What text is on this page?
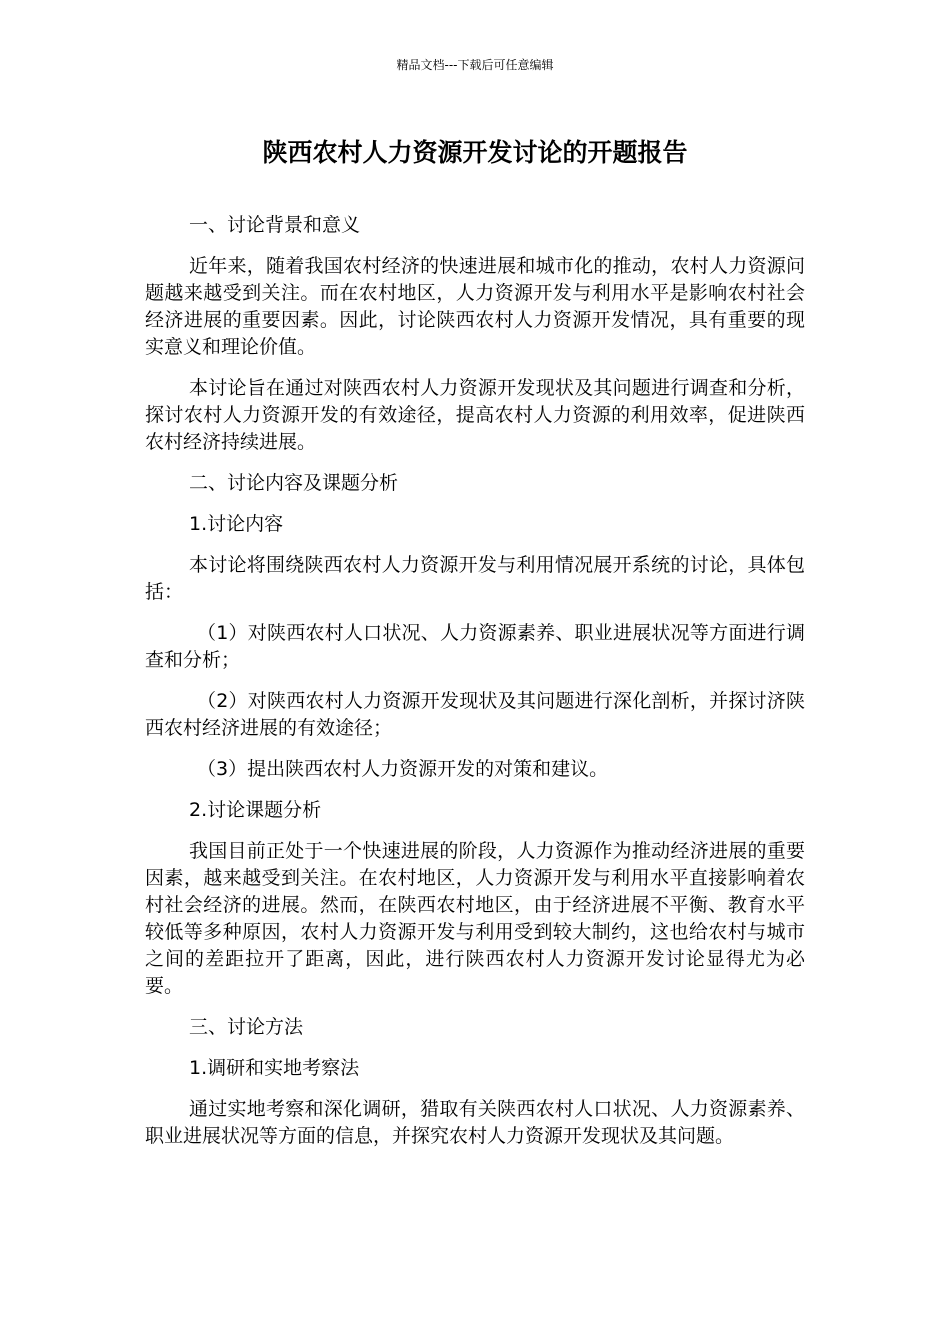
精品文档---下载后可任意编辑
陕西农村人力资源开发讨论的开题报告

一、讨论背景和意义

近年来，随着我国农村经济的快速进展和城市化的推动，农村人力资源问题越来越受到关注。而在农村地区，人力资源开发与利用水平是影响农村社会经济进展的重要因素。因此，讨论陕西农村人力资源开发情况，具有重要的现实意义和理论价值。

本讨论旨在通过对陕西农村人力资源开发现状及其问题进行调查和分析，探讨农村人力资源开发的有效途径，提高农村人力资源的利用效率，促进陕西农村经济持续进展。

二、讨论内容及课题分析

1.讨论内容

本讨论将围绕陕西农村人力资源开发与利用情况展开系统的讨论，具体包括：

（1）对陕西农村人口状况、人力资源素养、职业进展状况等方面进行调查和分析；

（2）对陕西农村人力资源开发现状及其问题进行深化剖析，并探讨济陕西农村经济进展的有效途径；

（3）提出陕西农村人力资源开发的对策和建议。

2.讨论课题分析

我国目前正处于一个快速进展的阶段，人力资源作为推动经济进展的重要因素，越来越受到关注。在农村地区，人力资源开发与利用水平直接影响着农村社会经济的进展。然而，在陕西农村地区，由于经济进展不平衡、教育水平较低等多种原因，农村人力资源开发与利用受到较大制约，这也给农村与城市之间的差距拉开了距离，因此，进行陕西农村人力资源开发讨论显得尤为必要。

三、讨论方法

1.调研和实地考察法

通过实地考察和深化调研，猎取有关陕西农村人口状况、人力资源素养、职业进展状况等方面的信息，并探究农村人力资源开发现状及其问题。
